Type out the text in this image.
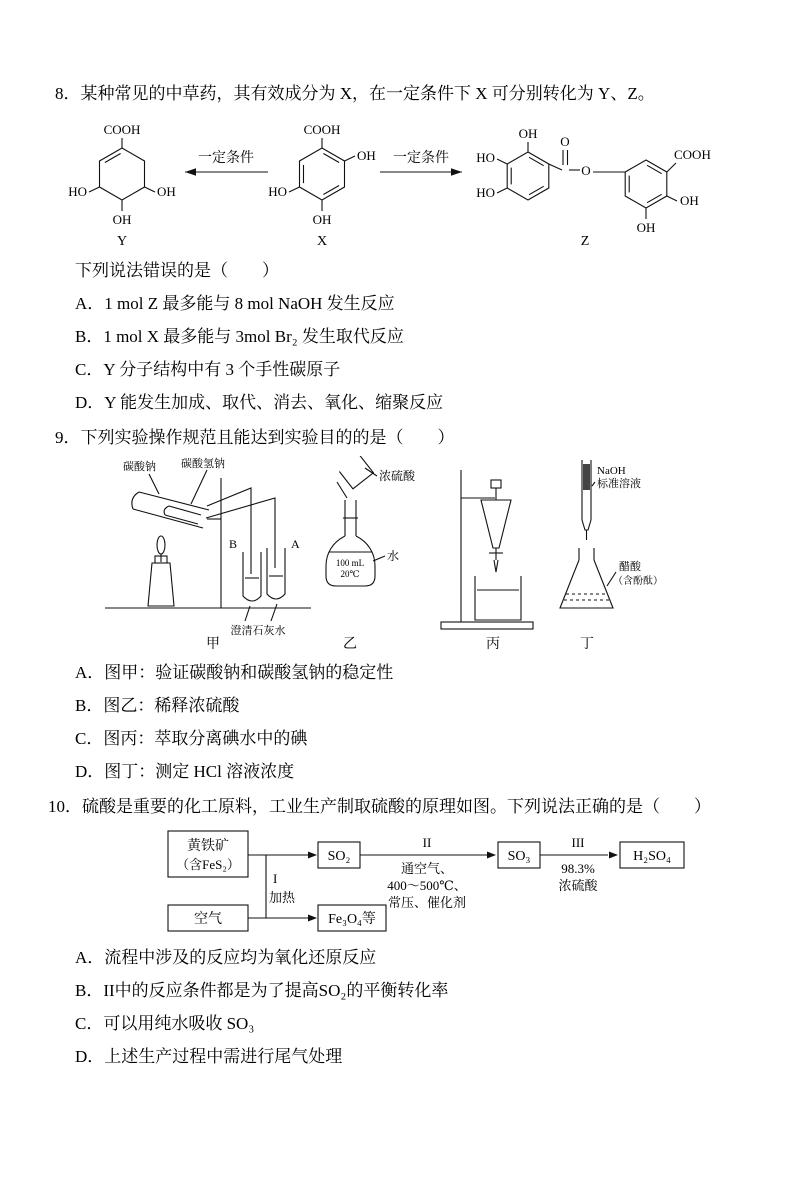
8．某种常见的中草药，其有效成分为 X，在一定条件下 X 可分别转化为 Y、Z。

COOH
HO	OH
OH
Y
一定条件
COOH
OH
HO
OH
X
一定条件
OH
HO
HO
O
O
COOH
OH
OH
Z

下列说法错误的是（　　）

A．1 mol Z 最多能与 8 mol NaOH 发生反应

B．1 mol X 最多能与 3mol Br₂ 发生取代反应

C．Y 分子结构中有 3 个手性碳原子

D．Y 能发生加成、取代、消去、氧化、缩聚反应

9．下列实验操作规范且能达到实验目的的是（　　）

碳酸钠 碳酸氢钠
B	A
澄清石灰水
甲
浓硫酸
100 mL
20℃
水
乙	丙
NaOH
标准溶液
醋酸
（含酚酞）
丁

A．图甲：验证碳酸钠和碳酸氢钠的稳定性

B．图乙：稀释浓硫酸

C．图丙：萃取分离碘水中的碘

D．图丁：测定 HCl 溶液浓度

10．硫酸是重要的化工原料，工业生产制取硫酸的原理如图。下列说法正确的是（　　）

黄铁矿
（含FeS₂）
空气
I
加热
SO₂
Fe₃O₄等
II
通空气、
400～500℃、
常压、催化剂
SO₃
III
98.3%
浓硫酸
H₂SO₄

A．流程中涉及的反应均为氧化还原反应

B．II中的反应条件都是为了提高SO₂的平衡转化率

C．可以用纯水吸收 SO₃

D．上述生产过程中需进行尾气处理
